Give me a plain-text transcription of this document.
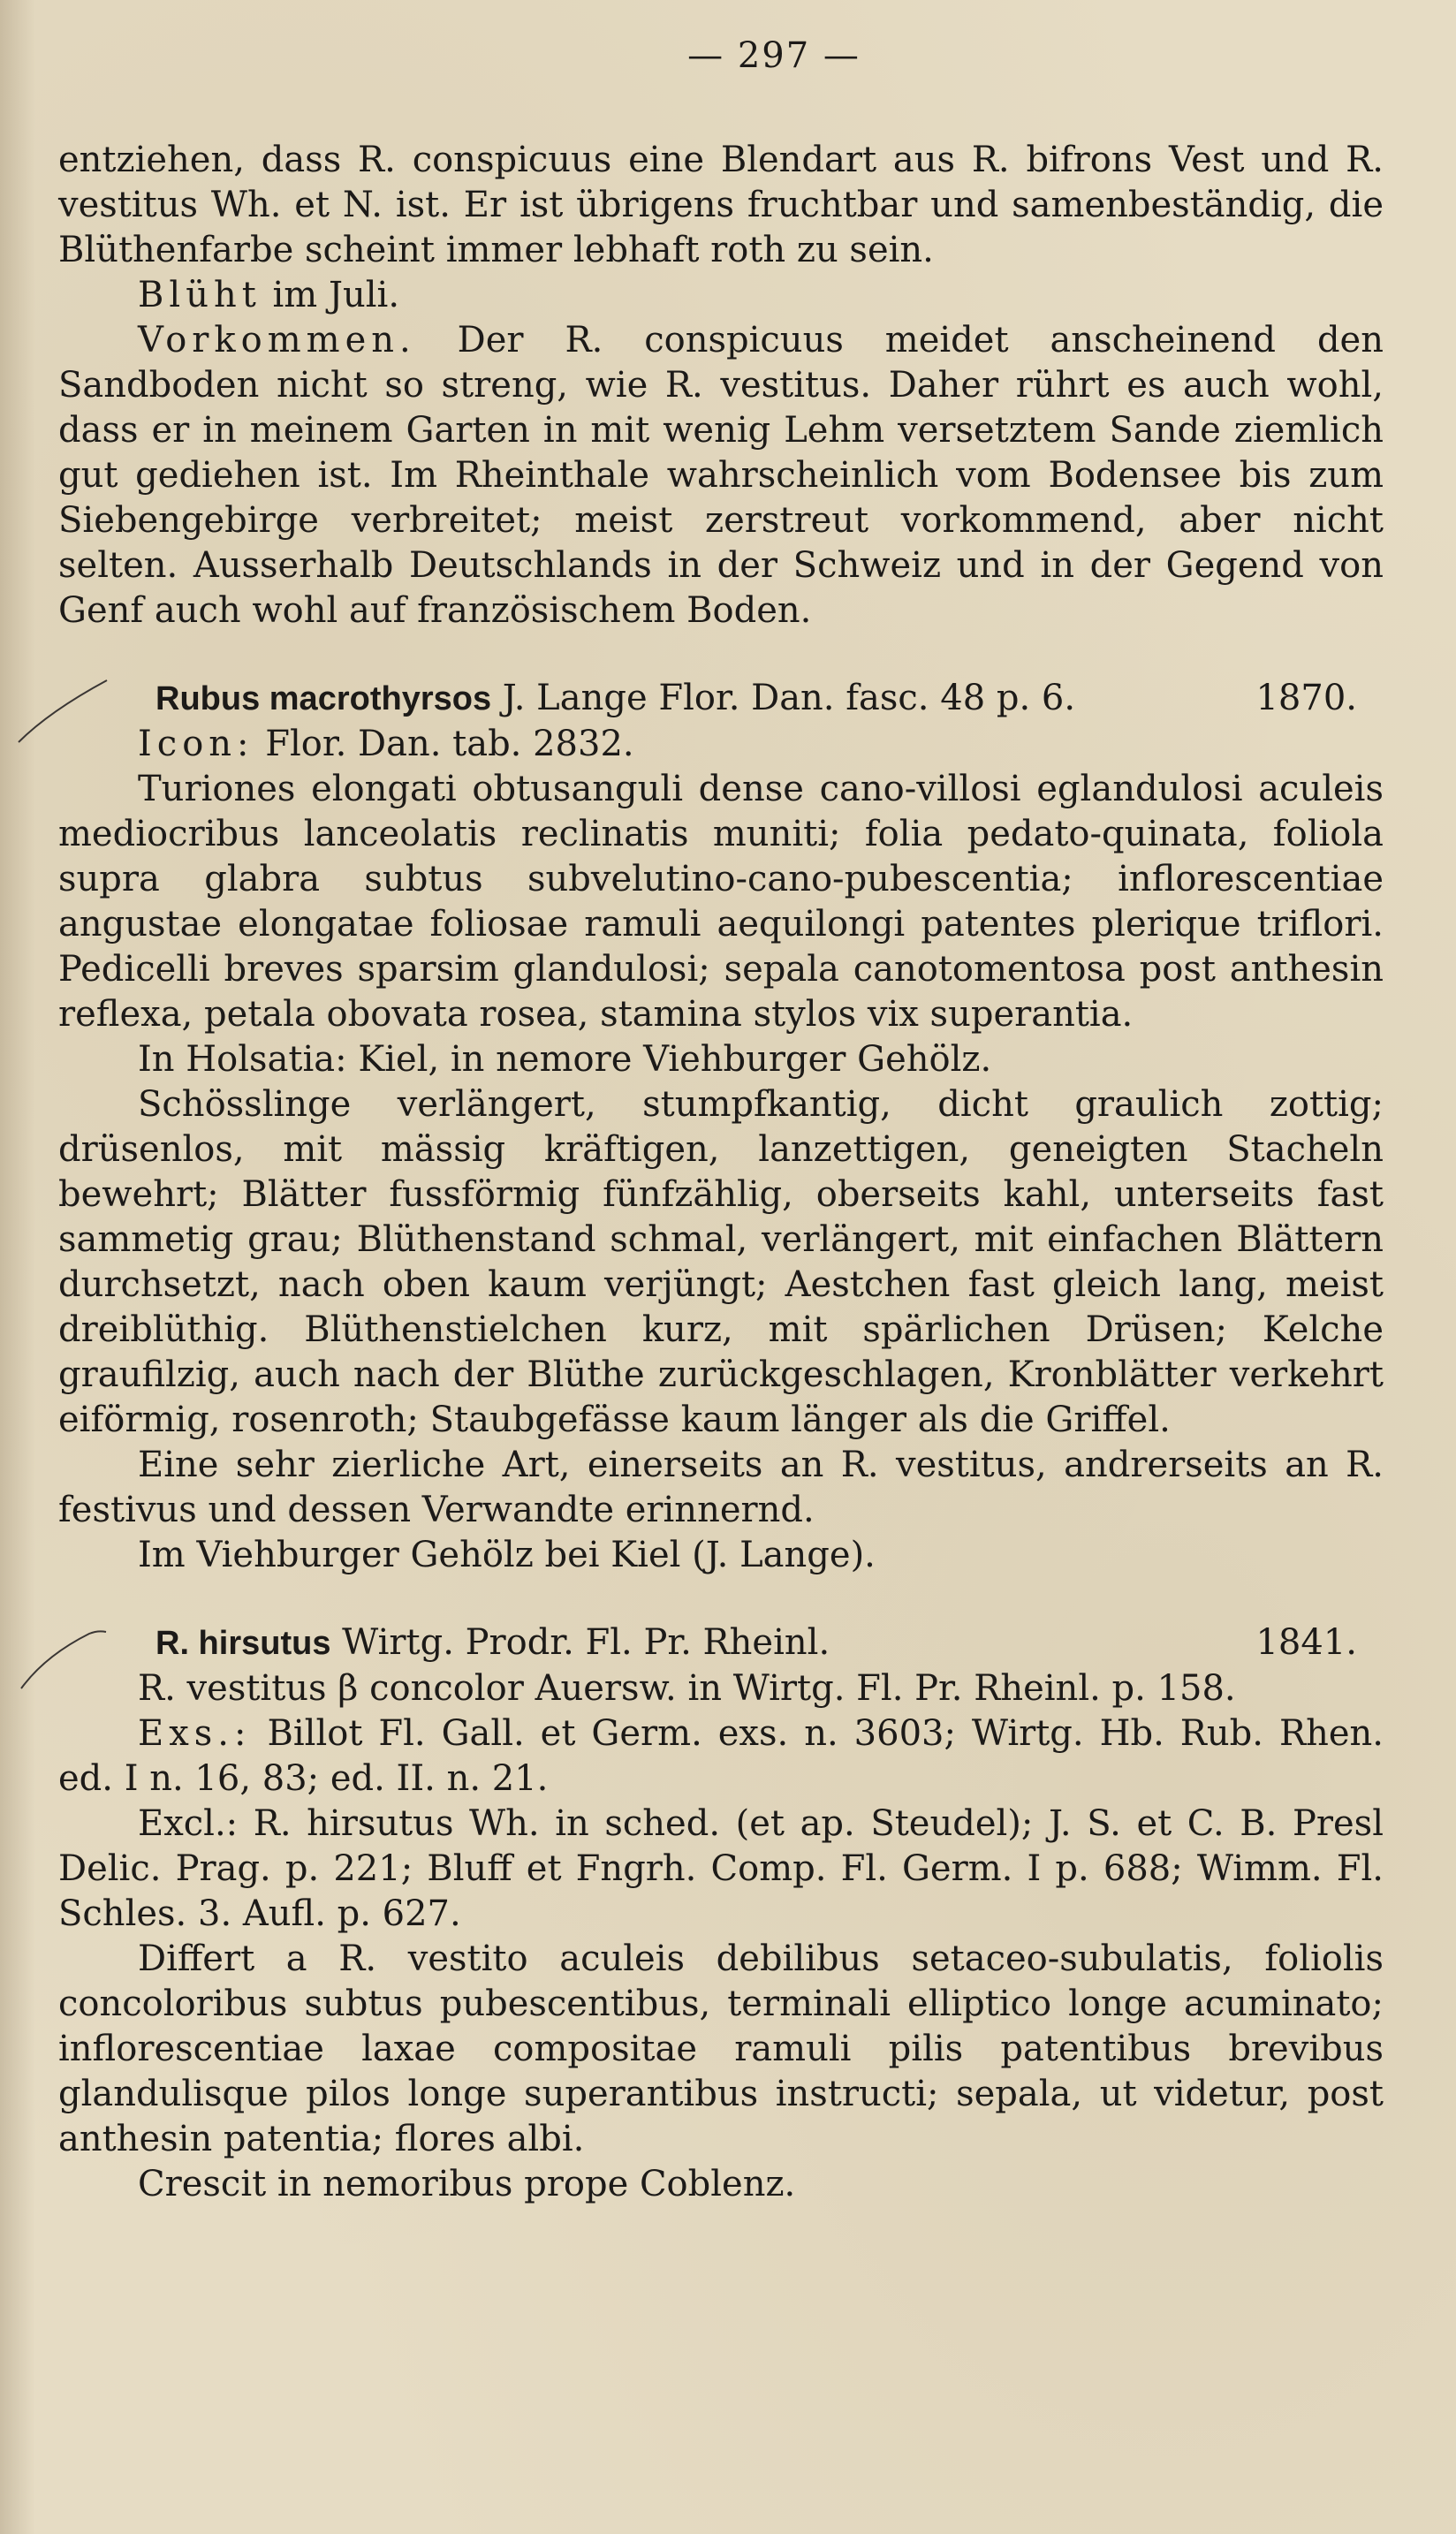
— 297 —

entziehen, dass R. conspicuus eine Blendart aus R. bifrons Vest und R. vestitus Wh. et N. ist. Er ist übrigens fruchtbar und samenbeständig, die Blüthenfarbe scheint immer lebhaft roth zu sein.

Blüht im Juli.

Vorkommen. Der R. conspicuus meidet anscheinend den Sandboden nicht so streng, wie R. vestitus. Daher rührt es auch wohl, dass er in meinem Garten in mit wenig Lehm versetztem Sande ziemlich gut gediehen ist. Im Rheinthale wahrscheinlich vom Bodensee bis zum Siebengebirge verbreitet; meist zerstreut vorkommend, aber nicht selten. Ausserhalb Deutschlands in der Schweiz und in der Gegend von Genf auch wohl auf französischem Boden.

Rubus macrothyrsos J. Lange Flor. Dan. fasc. 48 p. 6.	1870.

Icon: Flor. Dan. tab. 2832.

Turiones elongati obtusanguli dense cano-villosi eglandulosi aculeis mediocribus lanceolatis reclinatis muniti; folia pedato-quinata, foliola supra glabra subtus subvelutino-cano-pubescentia; inflorescentiae angustae elongatae foliosae ramuli aequilongi patentes plerique triflori. Pedicelli breves sparsim glandulosi; sepala canotomentosa post anthesin reflexa, petala obovata rosea, stamina stylos vix superantia.

In Holsatia: Kiel, in nemore Viehburger Gehölz.

Schösslinge verlängert, stumpfkantig, dicht graulich zottig; drüsenlos, mit mässig kräftigen, lanzettigen, geneigten Stacheln bewehrt; Blätter fussförmig fünfzählig, oberseits kahl, unterseits fast sammetig grau; Blüthenstand schmal, verlängert, mit einfachen Blättern durchsetzt, nach oben kaum verjüngt; Aestchen fast gleich lang, meist dreiblüthig. Blüthenstielchen kurz, mit spärlichen Drüsen; Kelche graufilzig, auch nach der Blüthe zurückgeschlagen, Kronblätter verkehrt eiförmig, rosenroth; Staubgefässe kaum länger als die Griffel.

Eine sehr zierliche Art, einerseits an R. vestitus, andrerseits an R. festivus und dessen Verwandte erinnernd.

Im Viehburger Gehölz bei Kiel (J. Lange).

R. hirsutus Wirtg. Prodr. Fl. Pr. Rheinl.	1841.

R. vestitus β concolor Auersw. in Wirtg. Fl. Pr. Rheinl. p. 158.

Exs.: Billot Fl. Gall. et Germ. exs. n. 3603; Wirtg. Hb. Rub. Rhen. ed. I n. 16, 83; ed. II. n. 21.

Excl.: R. hirsutus Wh. in sched. (et ap. Steudel); J. S. et C. B. Presl Delic. Prag. p. 221; Bluff et Fngrh. Comp. Fl. Germ. I p. 688; Wimm. Fl. Schles. 3. Aufl. p. 627.

Differt a R. vestito aculeis debilibus setaceo-subulatis, foliolis concoloribus subtus pubescentibus, terminali elliptico longe acuminato; inflorescentiae laxae compositae ramuli pilis patentibus brevibus glandulisque pilos longe superantibus instructi; sepala, ut videtur, post anthesin patentia; flores albi.

Crescit in nemoribus prope Coblenz.
